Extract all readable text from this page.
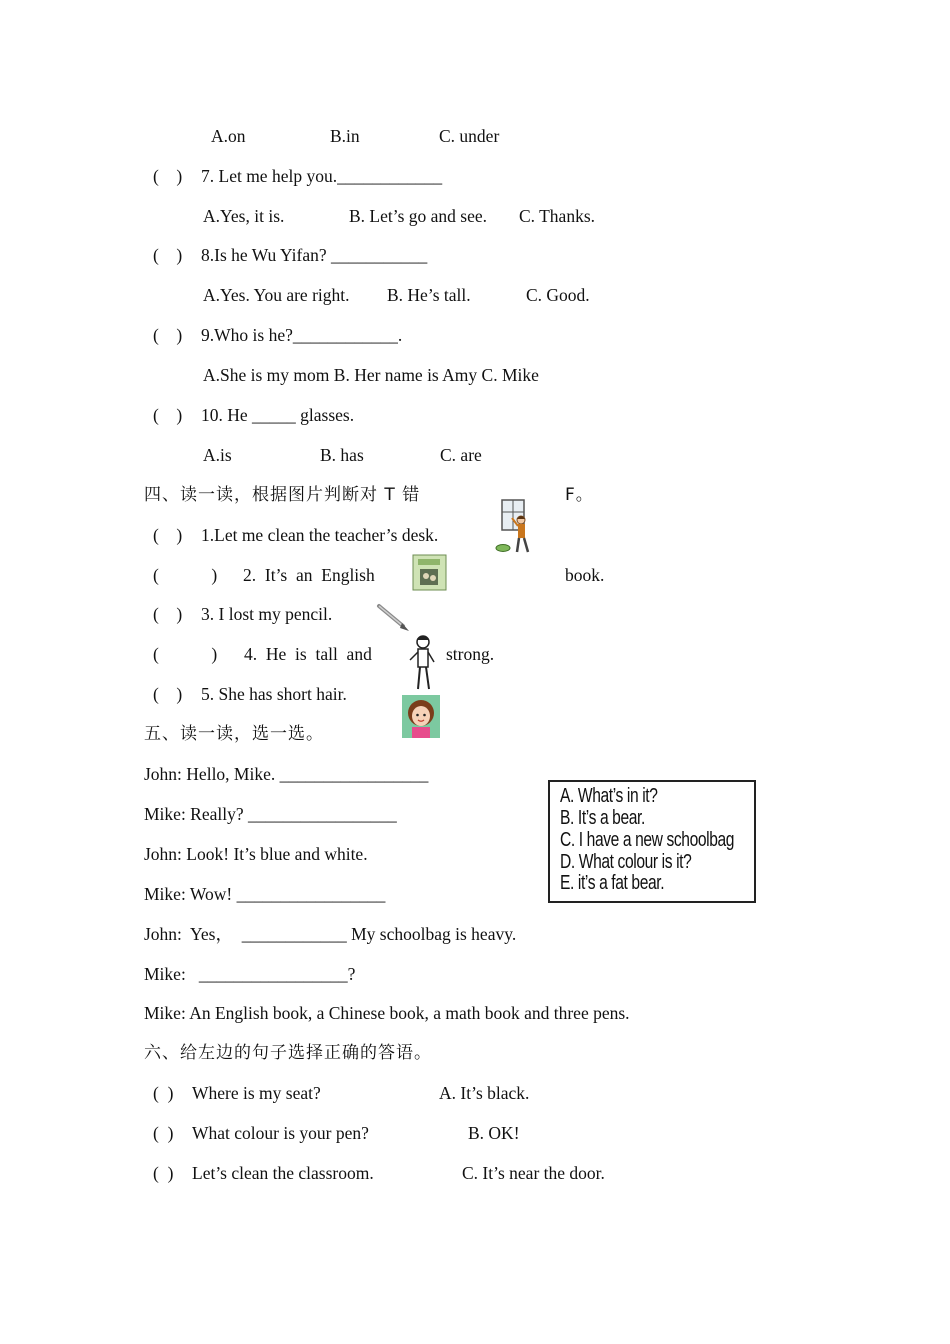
A.on	B.in	C. under
(    ) 7. Let me help you.____________
A.Yes, it is.	B. Let’s go and see. C. Thanks.
(    ) 8.Is he Wu Yifan? ___________
A.Yes. You are right. B. He’s tall.	C. Good.
(    ) 9.Who is he?____________.
A.She is my mom B. Her name is Amy C. Mike
(    ) 10. He _____ glasses.
A.is	B. has	C. are
四、读一读，根据图片判断对 T 错	F。
(    ) 1.Let me clean the teacher’s desk.
(            ) 2.  It’s  an  English	book.
(    ) 3. I lost my pencil.
(            ) 4.  He  is  tall  and	strong.
(    ) 5. She has short hair.
五、读一读，选一选。
John: Hello, Mike. _________________
Mike: Really? _________________
John: Look! It’s blue and white.
Mike: Wow! _________________
John:  Yes，  ____________ My schoolbag is heavy.
Mike:   _________________?
Mike: An English book, a Chinese book, a math book and three pens.
A. What’s in it?
B. It’s a bear.
C. I have a new schoolbag
D. What colour is it?
E. it’s a fat bear.
六、给左边的句子选择正确的答语。
(  ) Where is my seat?	A. It’s black.
(  ) What colour is your pen?	B. OK!
(  ) Let’s clean the classroom.	C. It’s near the door.
